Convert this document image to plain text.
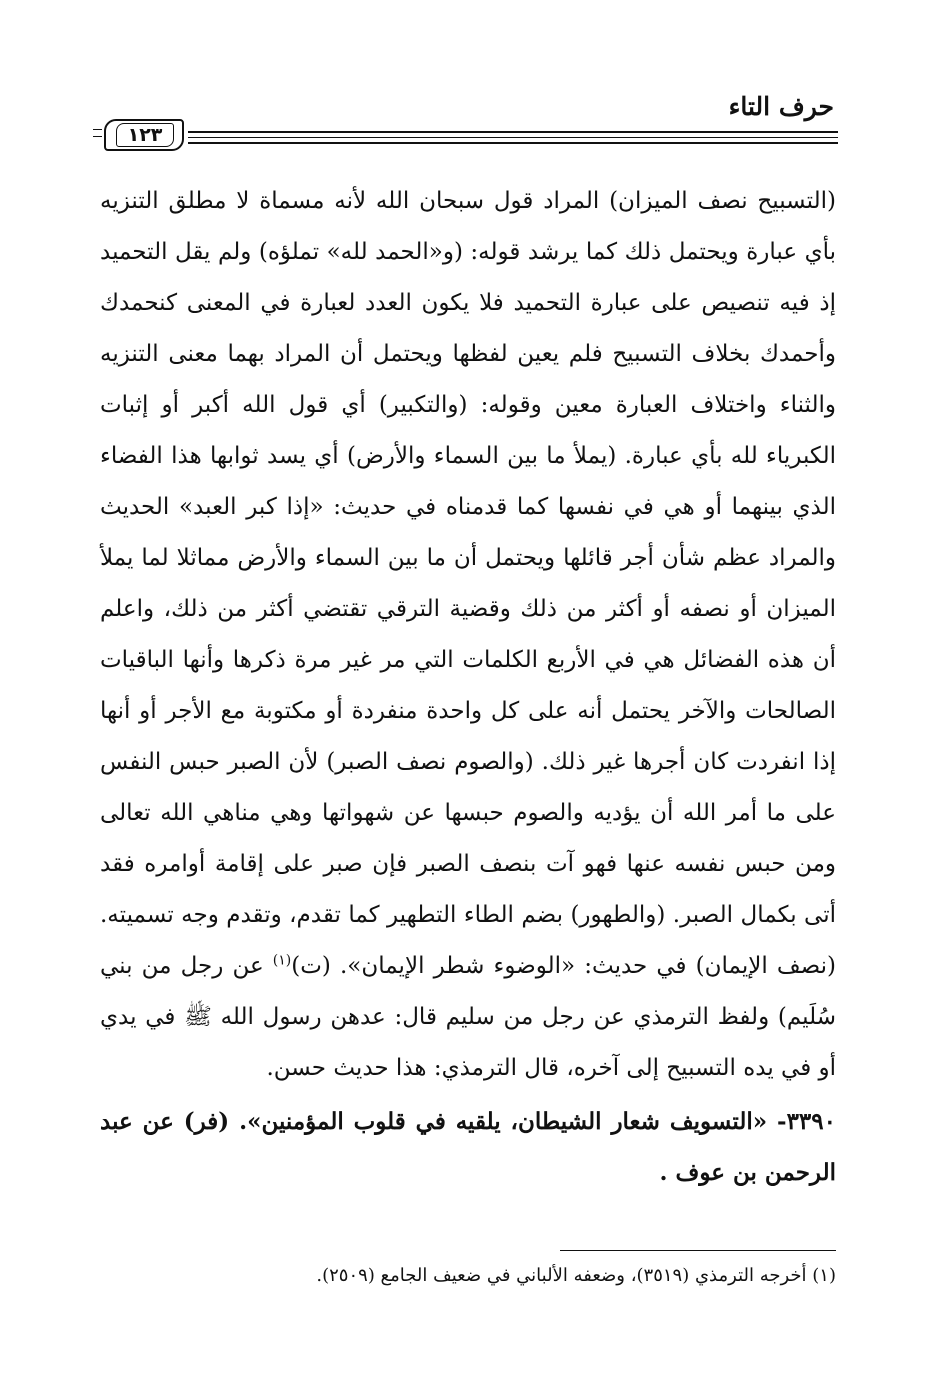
حرف التاء
١٢٣

(التسبيح نصف الميزان) المراد قول سبحان الله لأنه مسماة لا مطلق التنزيه بأي عبارة ويحتمل ذلك كما يرشد قوله: (و«الحمد لله» تملؤه) ولم يقل التحميد إذ فيه تنصيص على عبارة التحميد فلا يكون العدد لعبارة في المعنى كنحمدك وأحمدك بخلاف التسبيح فلم يعين لفظها ويحتمل أن المراد بهما معنى التنزيه والثناء واختلاف العبارة معين وقوله: (والتكبير) أي قول الله أكبر أو إثبات الكبرياء لله بأي عبارة. (يملأ ما بين السماء والأرض) أي يسد ثوابها هذا الفضاء الذي بينهما أو هي في نفسها كما قدمناه في حديث: «إذا كبر العبد» الحديث والمراد عظم شأن أجر قائلها ويحتمل أن ما بين السماء والأرض مماثلا لما يملأ الميزان أو نصفه أو أكثر من ذلك وقضية الترقي تقتضي أكثر من ذلك، واعلم أن هذه الفضائل هي في الأربع الكلمات التي مر غير مرة ذكرها وأنها الباقيات الصالحات والآخر يحتمل أنه على كل واحدة منفردة أو مكتوبة مع الأجر أو أنها إذا انفردت كان أجرها غير ذلك. (والصوم نصف الصبر) لأن الصبر حبس النفس على ما أمر الله أن يؤديه والصوم حبسها عن شهواتها وهي مناهي الله تعالى ومن حبس نفسه عنها فهو آت بنصف الصبر فإن صبر على إقامة أوامره فقد أتى بكمال الصبر. (والطهور) بضم الطاء التطهير كما تقدم، وتقدم وجه تسميته. (نصف الإيمان) في حديث: «الوضوء شطر الإيمان». (ت)$^{(١)}$ عن رجل من بني سُلَيم) ولفظ الترمذي عن رجل من سليم قال: عدهن رسول الله ﷺ في يدي أو في يده التسبيح إلى آخره، قال الترمذي: هذا حديث حسن.

٣٣٩٠- «التسويف شعار الشيطان، يلقيه في قلوب المؤمنين». (فر) عن عبد الرحمن بن عوف .

(١) أخرجه الترمذي (٣٥١٩)، وضعفه الألباني في ضعيف الجامع (٢٥٠٩).
